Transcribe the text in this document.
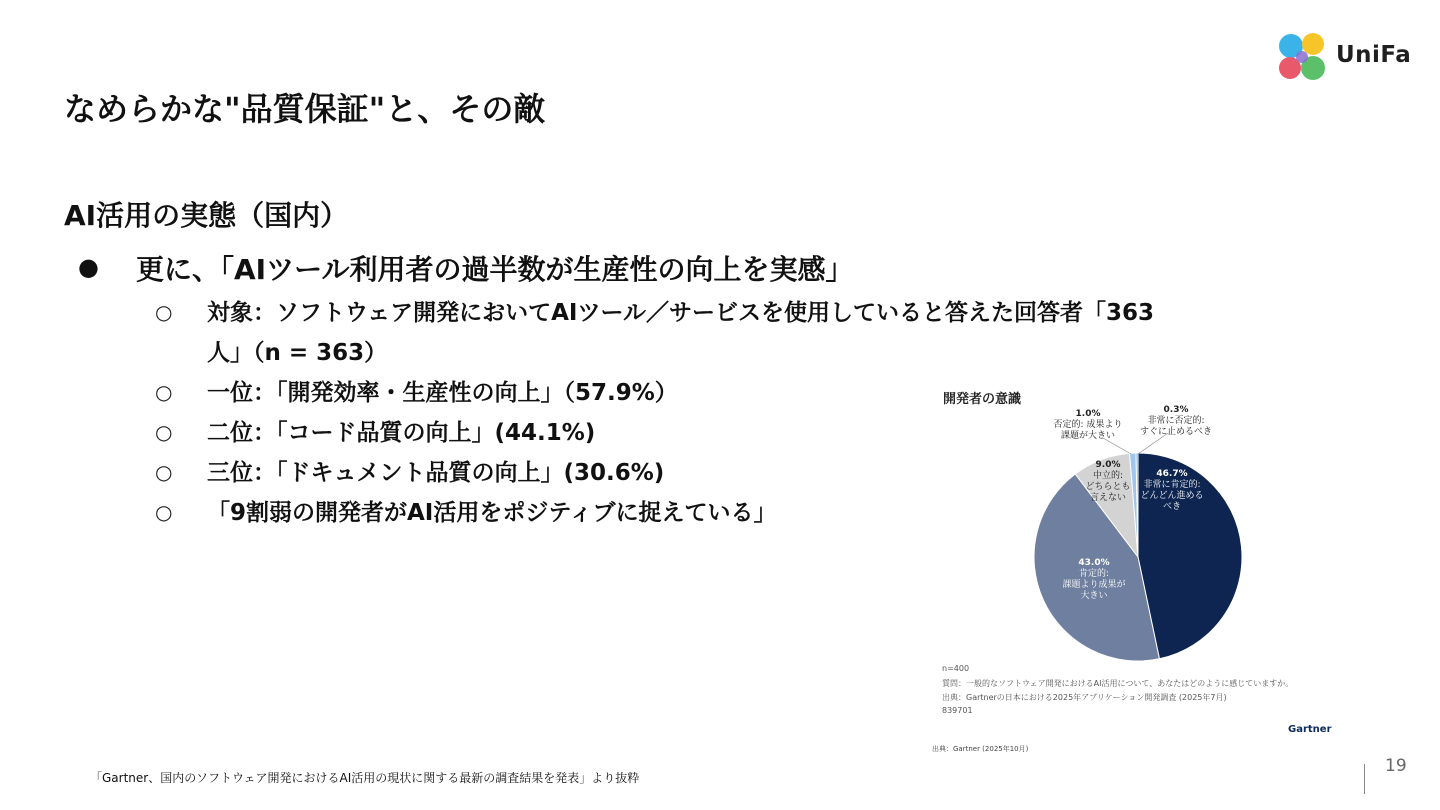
UniFa
なめらかな"品質保証"と、その敵
AI活用の実態（国内）
● 更に、「AIツール利用者の過半数が生産性の向上を実感」
○ 対象：ソフトウェア開発においてAIツール／サービスを使用していると答えた回答者「363
人」（n = 363）
○ 一位：「開発効率・生産性の向上」（57.9%）
○ 二位：「コード品質の向上」(44.1%)
○ 三位：「ドキュメント品質の向上」(30.6%)
○ 「9割弱の開発者がAI活用をポジティブに捉えている」
46.7%非常に肯定的:どんどん進めるべき
43.0%肯定的:課題より成果が大きい
9.0%中立的:どちらとも言えない
1.0%否定的: 成果より課題が大きい
0.3%非常に否定的:すぐに止めるべき
開発者の意識
n=400
質問：一般的なソフトウェア開発におけるAI活用について、あなたはどのように感じていますか。
出典：Gartnerの日本における2025年アプリケーション開発調査 (2025年7月)
839701
Gartner
出典：Gartner (2025年10月)
「Gartner、国内のソフトウェア開発におけるAI活用の現状に関する最新の調査結果を発表」より抜粋
19
